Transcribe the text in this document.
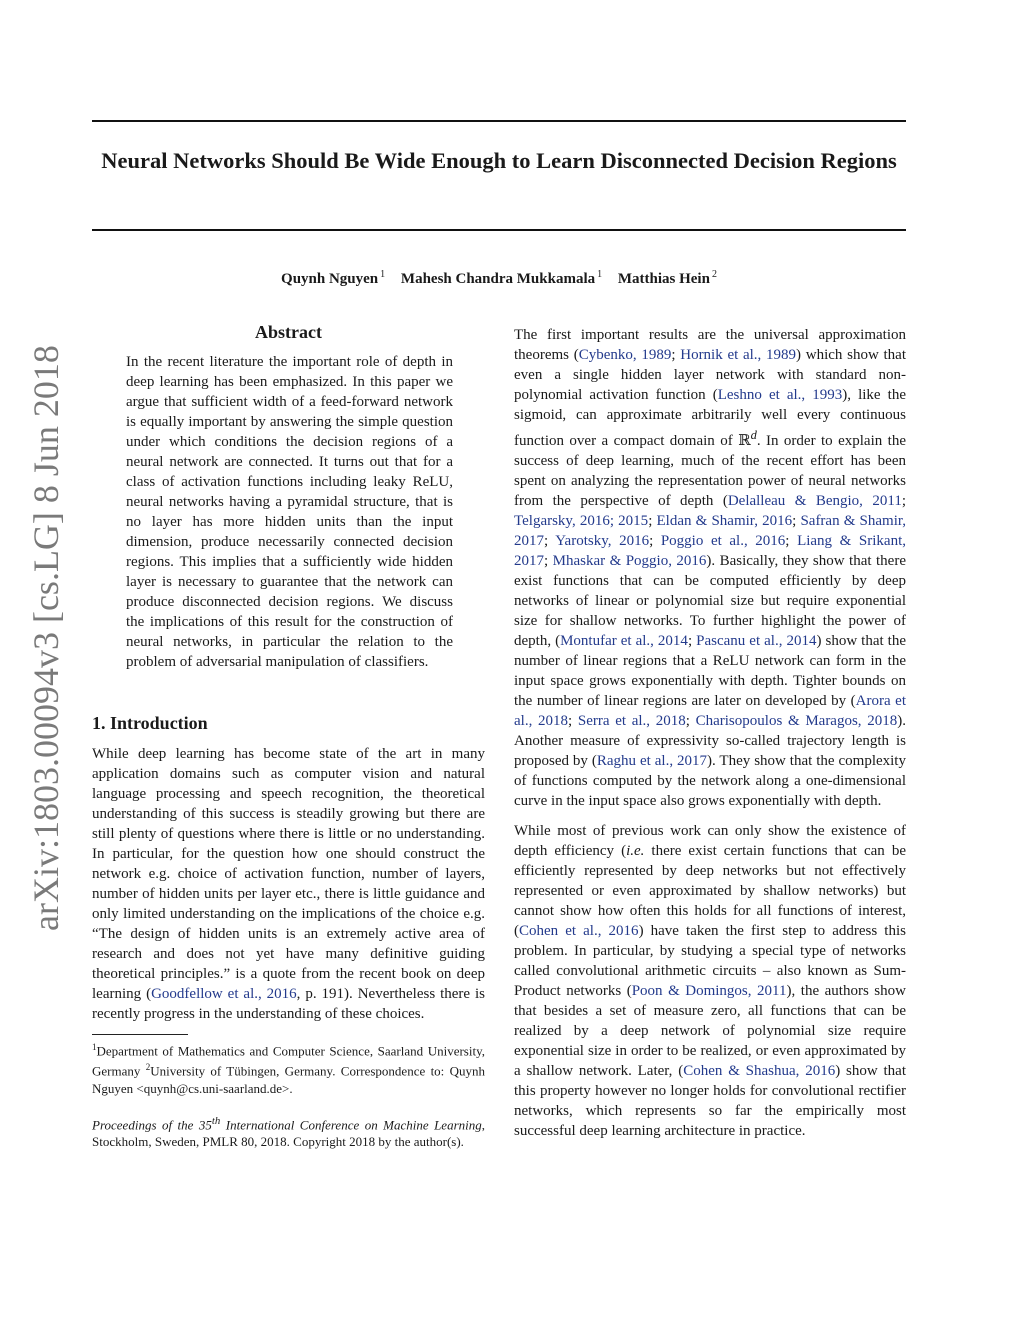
Neural Networks Should Be Wide Enough to Learn Disconnected Decision Regions
Quynh Nguyen $^1$ Mahesh Chandra Mukkamala $^1$ Matthias Hein $^2$
arXiv:1803.00094v3 [cs.LG] 8 Jun 2018
Abstract
In the recent literature the important role of depth in deep learning has been emphasized. In this paper we argue that sufficient width of a feed-forward network is equally important by answering the simple question under which conditions the decision regions of a neural network are connected. It turns out that for a class of activation functions including leaky ReLU, neural networks having a pyramidal structure, that is no layer has more hidden units than the input dimension, produce necessarily connected decision regions. This implies that a sufficiently wide hidden layer is necessary to guarantee that the network can produce disconnected decision regions. We discuss the implications of this result for the construction of neural networks, in particular the relation to the problem of adversarial manipulation of classifiers.
1. Introduction

While deep learning has become state of the art in many application domains such as computer vision and natural language processing and speech recognition, the theoretical understanding of this success is steadily growing but there are still plenty of questions where there is little or no understanding. In particular, for the question how one should construct the network e.g. choice of activation function, number of layers, number of hidden units per layer etc., there is little guidance and only limited understanding on the implications of the choice e.g. “The design of hidden units is an extremely active area of research and does not yet have many definitive guiding theoretical principles.” is a quote from the recent book on deep learning (Goodfellow et al., 2016, p. 191). Nevertheless there is recently progress in the understanding of these choices.

$^1$Department of Mathematics and Computer Science, Saarland University, Germany $^2$University of Tübingen, Germany. Correspondence to: Quynh Nguyen <quynh@cs.uni-saarland.de>.

Proceedings of the 35th International Conference on Machine Learning, Stockholm, Sweden, PMLR 80, 2018. Copyright 2018 by the author(s).

The first important results are the universal approximation theorems (Cybenko, 1989; Hornik et al., 1989) which show that even a single hidden layer network with standard non-polynomial activation function (Leshno et al., 1993), like the sigmoid, can approximate arbitrarily well every continuous function over a compact domain of ℝ$^d$. In order to explain the success of deep learning, much of the recent effort has been spent on analyzing the representation power of neural networks from the perspective of depth (Delalleau & Bengio, 2011; Telgarsky, 2016; 2015; Eldan & Shamir, 2016; Safran & Shamir, 2017; Yarotsky, 2016; Poggio et al., 2016; Liang & Srikant, 2017; Mhaskar & Poggio, 2016). Basically, they show that there exist functions that can be computed efficiently by deep networks of linear or polynomial size but require exponential size for shallow networks. To further highlight the power of depth, (Montufar et al., 2014; Pascanu et al., 2014) show that the number of linear regions that a ReLU network can form in the input space grows exponentially with depth. Tighter bounds on the number of linear regions are later on developed by (Arora et al., 2018; Serra et al., 2018; Charisopoulos & Maragos, 2018). Another measure of expressivity so-called trajectory length is proposed by (Raghu et al., 2017). They show that the complexity of functions computed by the network along a one-dimensional curve in the input space also grows exponentially with depth.

While most of previous work can only show the existence of depth efficiency (i.e. there exist certain functions that can be efficiently represented by deep networks but not effectively represented or even approximated by shallow networks) but cannot show how often this holds for all functions of interest, (Cohen et al., 2016) have taken the first step to address this problem. In particular, by studying a special type of networks called convolutional arithmetic circuits – also known as Sum-Product networks (Poon & Domingos, 2011), the authors show that besides a set of measure zero, all functions that can be realized by a deep network of polynomial size require exponential size in order to be realized, or even approximated by a shallow network. Later, (Cohen & Shashua, 2016) show that this property however no longer holds for convolutional rectifier networks, which represents so far the empirically most successful deep learning architecture in practice.
